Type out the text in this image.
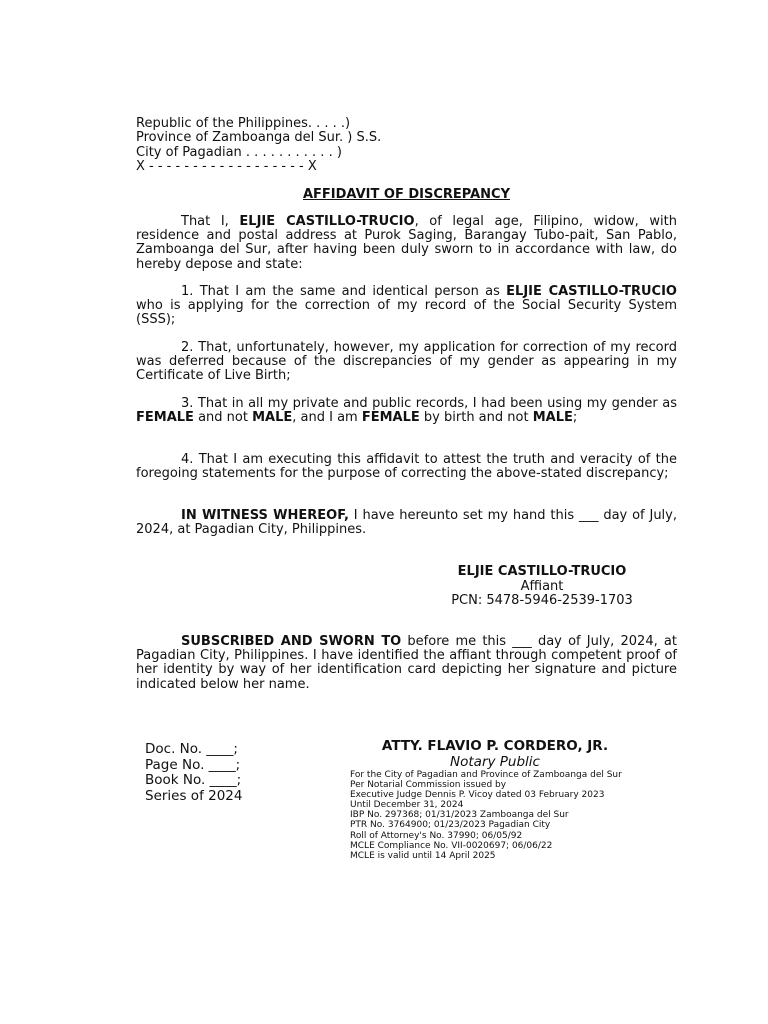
Republic of the Philippines. . . . .)
Province of Zamboanga del Sur. ) S.S.
City of Pagadian . . . . . . . . . . . )
X - - - - - - - - - - - - - - - - - - X
AFFIDAVIT OF DISCREPANCY
That I, ELJIE CASTILLO-TRUCIO, of legal age, Filipino, widow, with residence and postal address at Purok Saging, Barangay Tubo-pait, San Pablo, Zamboanga del Sur, after having been duly sworn to in accordance with law, do hereby depose and state:
1. That I am the same and identical person as ELJIE CASTILLO-TRUCIO who is applying for the correction of my record of the Social Security System (SSS);
2. That, unfortunately, however, my application for correction of my record was deferred because of the discrepancies of my gender as appearing in my Certificate of Live Birth;
3. That in all my private and public records, I had been using my gender as FEMALE and not MALE, and I am FEMALE by birth and not MALE;
4. That I am executing this affidavit to attest the truth and veracity of the foregoing statements for the purpose of correcting the above-stated discrepancy;
IN WITNESS WHEREOF, I have hereunto set my hand this ___ day of July, 2024, at Pagadian City, Philippines.
ELJIE CASTILLO-TRUCIO
Affiant
PCN: 5478-5946-2539-1703
SUBSCRIBED AND SWORN TO before me this ___ day of July, 2024, at Pagadian City, Philippines. I have identified the affiant through competent proof of her identity by way of her identification card depicting her signature and picture indicated below her name.
Doc. No. ____;
Page No. ____;
Book No. ____;
Series of 2024
ATTY. FLAVIO P. CORDERO, JR.
Notary Public
For the City of Pagadian and Province of Zamboanga del Sur
Per Notarial Commission issued by
Executive Judge Dennis P. Vicoy dated 03 February 2023
Until December 31, 2024
IBP No. 297368; 01/31/2023 Zamboanga del Sur
PTR No. 3764900; 01/23/2023 Pagadian City
Roll of Attorney's No. 37990; 06/05/92
MCLE Compliance No. VII-0020697; 06/06/22
MCLE is valid until 14 April 2025
